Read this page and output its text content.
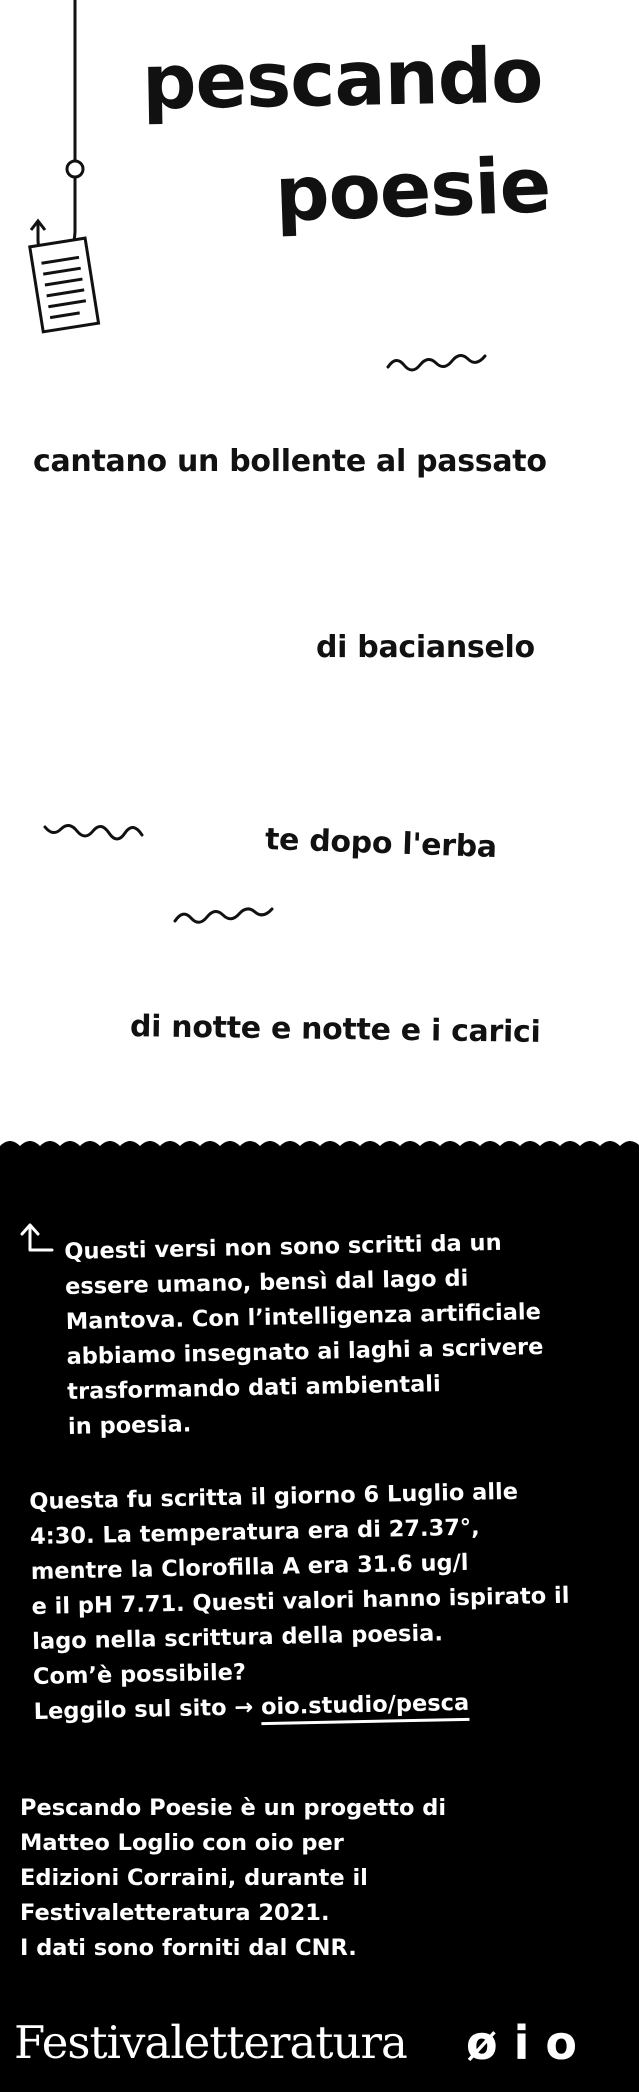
pescando
poesie
cantano un bollente al passato
di bacianselo
te dopo l'erba
di notte e notte e i carici
Questi versi non sono scritti da un
essere umano, bensì dal lago di
Mantova. Con l’intelligenza artificiale
abbiamo insegnato ai laghi a scrivere
trasformando dati ambientali
in poesia.
Questa fu scritta il giorno 6 Luglio alle
4:30. La temperatura era di 27.37°,
mentre la Clorofilla A era 31.6 ug/l
e il pH 7.71. Questi valori hanno ispirato il
lago nella scrittura della poesia.
Com’è possibile?
Leggilo sul sito → oio.studio/pesca
Pescando Poesie è un progetto di
Matteo Loglio con oio per
Edizioni Corraini, durante il
Festivaletteratura 2021.
I dati sono forniti dal CNR.
Festivaletteratura ø i o
